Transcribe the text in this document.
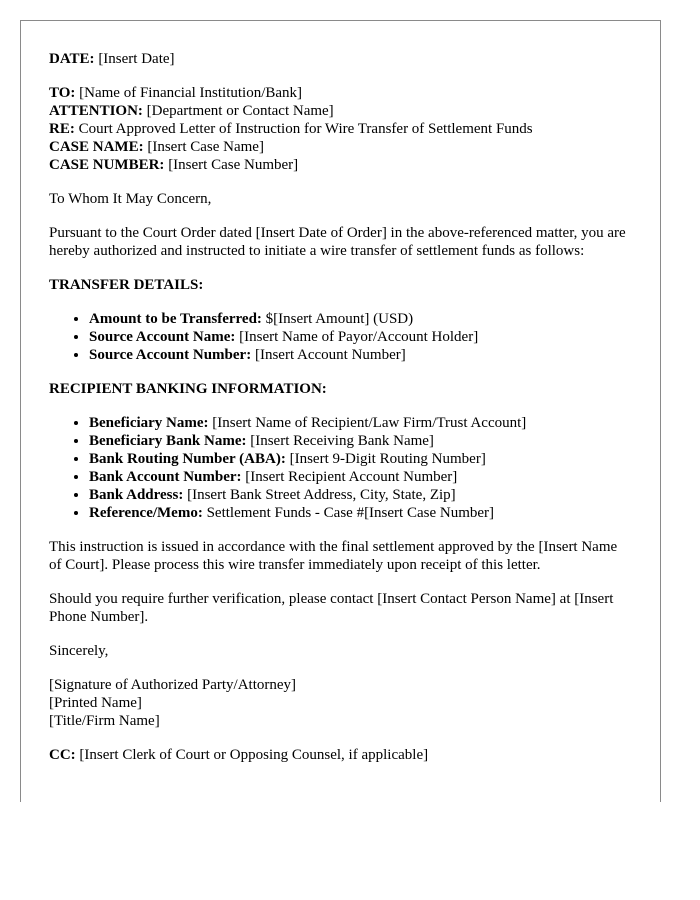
DATE: [Insert Date]

TO: [Name of Financial Institution/Bank]

ATTENTION: [Department or Contact Name]

RE: Court Approved Letter of Instruction for Wire Transfer of Settlement Funds

CASE NAME: [Insert Case Name]

CASE NUMBER: [Insert Case Number]

To Whom It May Concern,

Pursuant to the Court Order dated [Insert Date of Order] in the above-referenced matter, you are hereby authorized and instructed to initiate a wire transfer of settlement funds as follows:

TRANSFER DETAILS:

• Amount to be Transferred: $[Insert Amount] (USD)
• Source Account Name: [Insert Name of Payor/Account Holder]
• Source Account Number: [Insert Account Number]

RECIPIENT BANKING INFORMATION:

• Beneficiary Name: [Insert Name of Recipient/Law Firm/Trust Account]
• Beneficiary Bank Name: [Insert Receiving Bank Name]
• Bank Routing Number (ABA): [Insert 9-Digit Routing Number]
• Bank Account Number: [Insert Recipient Account Number]
• Bank Address: [Insert Bank Street Address, City, State, Zip]
• Reference/Memo: Settlement Funds - Case #[Insert Case Number]

This instruction is issued in accordance with the final settlement approved by the [Insert Name of Court]. Please process this wire transfer immediately upon receipt of this letter.

Should you require further verification, please contact [Insert Contact Person Name] at [Insert Phone Number].

Sincerely,

[Signature of Authorized Party/Attorney]

[Printed Name]

[Title/Firm Name]

CC: [Insert Clerk of Court or Opposing Counsel, if applicable]
